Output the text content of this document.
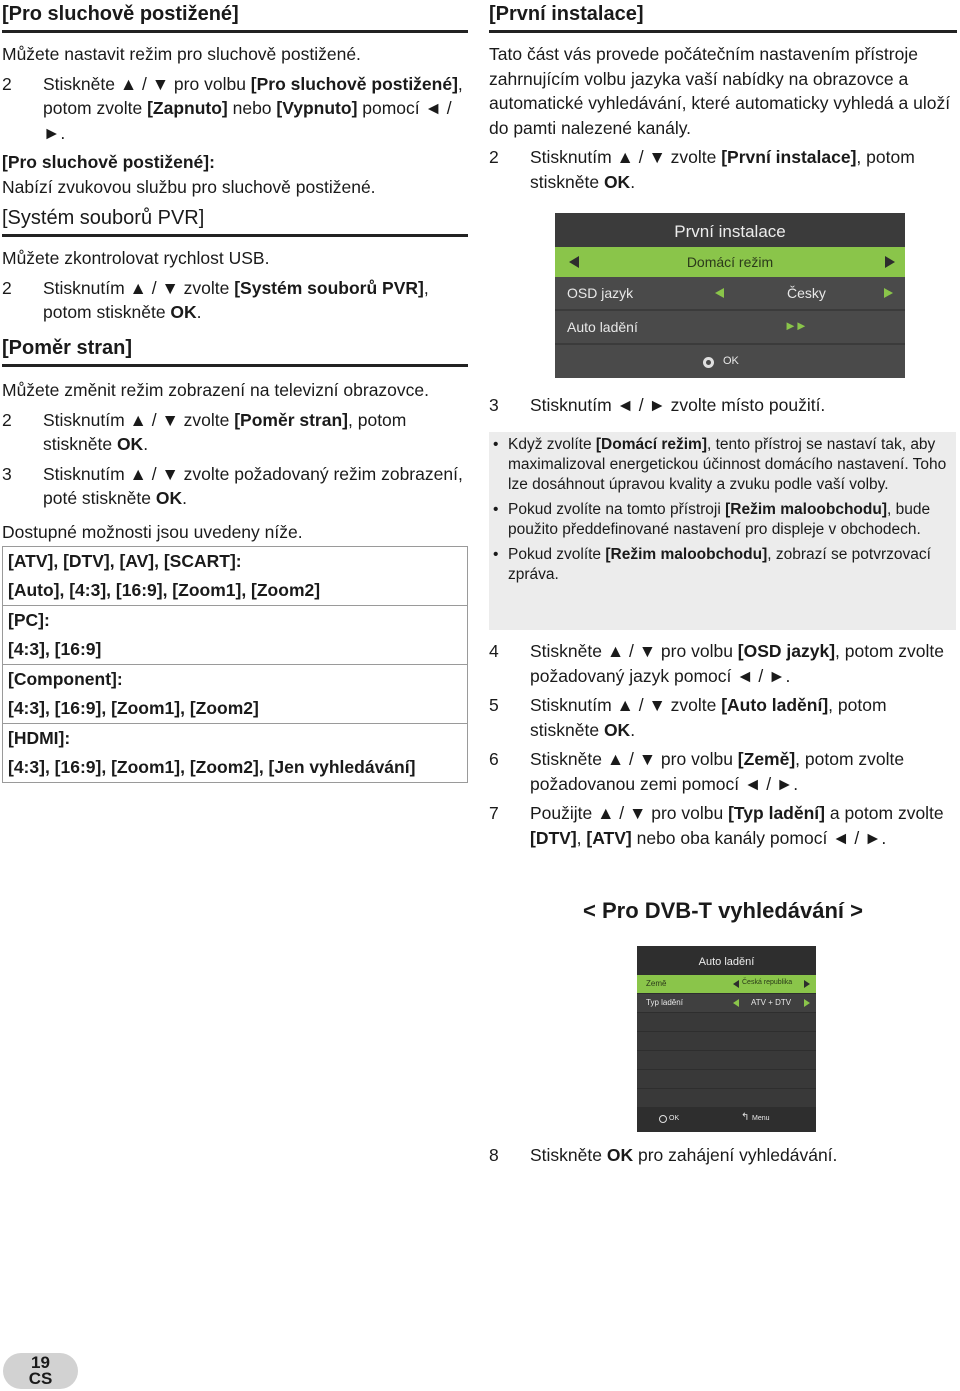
[Pro sluchově postižené]

Můžete nastavit režim pro sluchově postižené.

2 Stiskněte ▲ / ▼ pro volbu [Pro sluchově postižené], potom zvolte [Zapnuto] nebo [Vypnuto] pomocí ◄ / ►.

[Pro sluchově postižené]:

Nabízí zvukovou službu pro sluchově postižené.

[Systém souborů PVR]

Můžete zkontrolovat rychlost USB.

2 Stisknutím ▲ / ▼ zvolte [Systém souborů PVR], potom stiskněte OK.
[Poměr stran]

Můžete změnit režim zobrazení na televizní obrazovce.

2 Stisknutím ▲ / ▼ zvolte [Poměr stran], potom stiskněte OK.
3 Stisknutím ▲ / ▼ zvolte požadovaný režim zobrazení, poté stiskněte OK.

Dostupné možnosti jsou uvedeny níže.

[ATV], [DTV], [AV], [SCART]:
[Auto], [4:3], [16:9], [Zoom1], [Zoom2]

[PC]:
[4:3], [16:9]

[Component]:
[4:3], [16:9], [Zoom1], [Zoom2]

[HDMI]:
[4:3], [16:9], [Zoom1], [Zoom2], [Jen vyhledávání]
[První instalace]

Tato část vás provede počátečním nastavením přístroje zahrnujícím volbu jazyka vaší nabídky na obrazovce a automatické vyhledávání, které automaticky vyhledá a uloží do pamti nalezené kanály.

2 Stisknutím ▲ / ▼ zvolte [První instalace], potom stiskněte OK.
První instalace
Domácí režim
OSD jazyk	Česky
Auto ladění	►►
OK
3 Stisknutím ◄ / ► zvolte místo použití.
• Když zvolíte [Domácí režim], tento přístroj se nastaví tak, aby maximalizoval energetickou účinnost domácího nastavení. Toho lze dosáhnout úpravou kvality a zvuku podle vaší volby.
• Pokud zvolíte na tomto přístroji [Režim maloobchodu], bude použito předdefinované nastavení pro displeje v obchodech.
• Pokud zvolíte [Režim maloobchodu], zobrazí se potvrzovací zpráva.
4 Stiskněte ▲ / ▼ pro volbu [OSD jazyk], potom zvolte požadovaný jazyk pomocí ◄ / ►.
5 Stisknutím ▲ / ▼ zvolte [Auto ladění], potom stiskněte OK.
6 Stiskněte ▲ / ▼ pro volbu [Země], potom zvolte požadovanou zemi pomocí ◄ / ►.
7 Použijte ▲ / ▼ pro volbu [Typ ladění] a potom zvolte [DTV], [ATV] nebo oba kanály pomocí ◄ / ►.
< Pro DVB-T vyhledávání >
Auto ladění
Země	Česká republika
Typ ladění	ATV + DTV
OK	↰ Menu
8 Stiskněte OK pro zahájení vyhledávání.
19
CS
